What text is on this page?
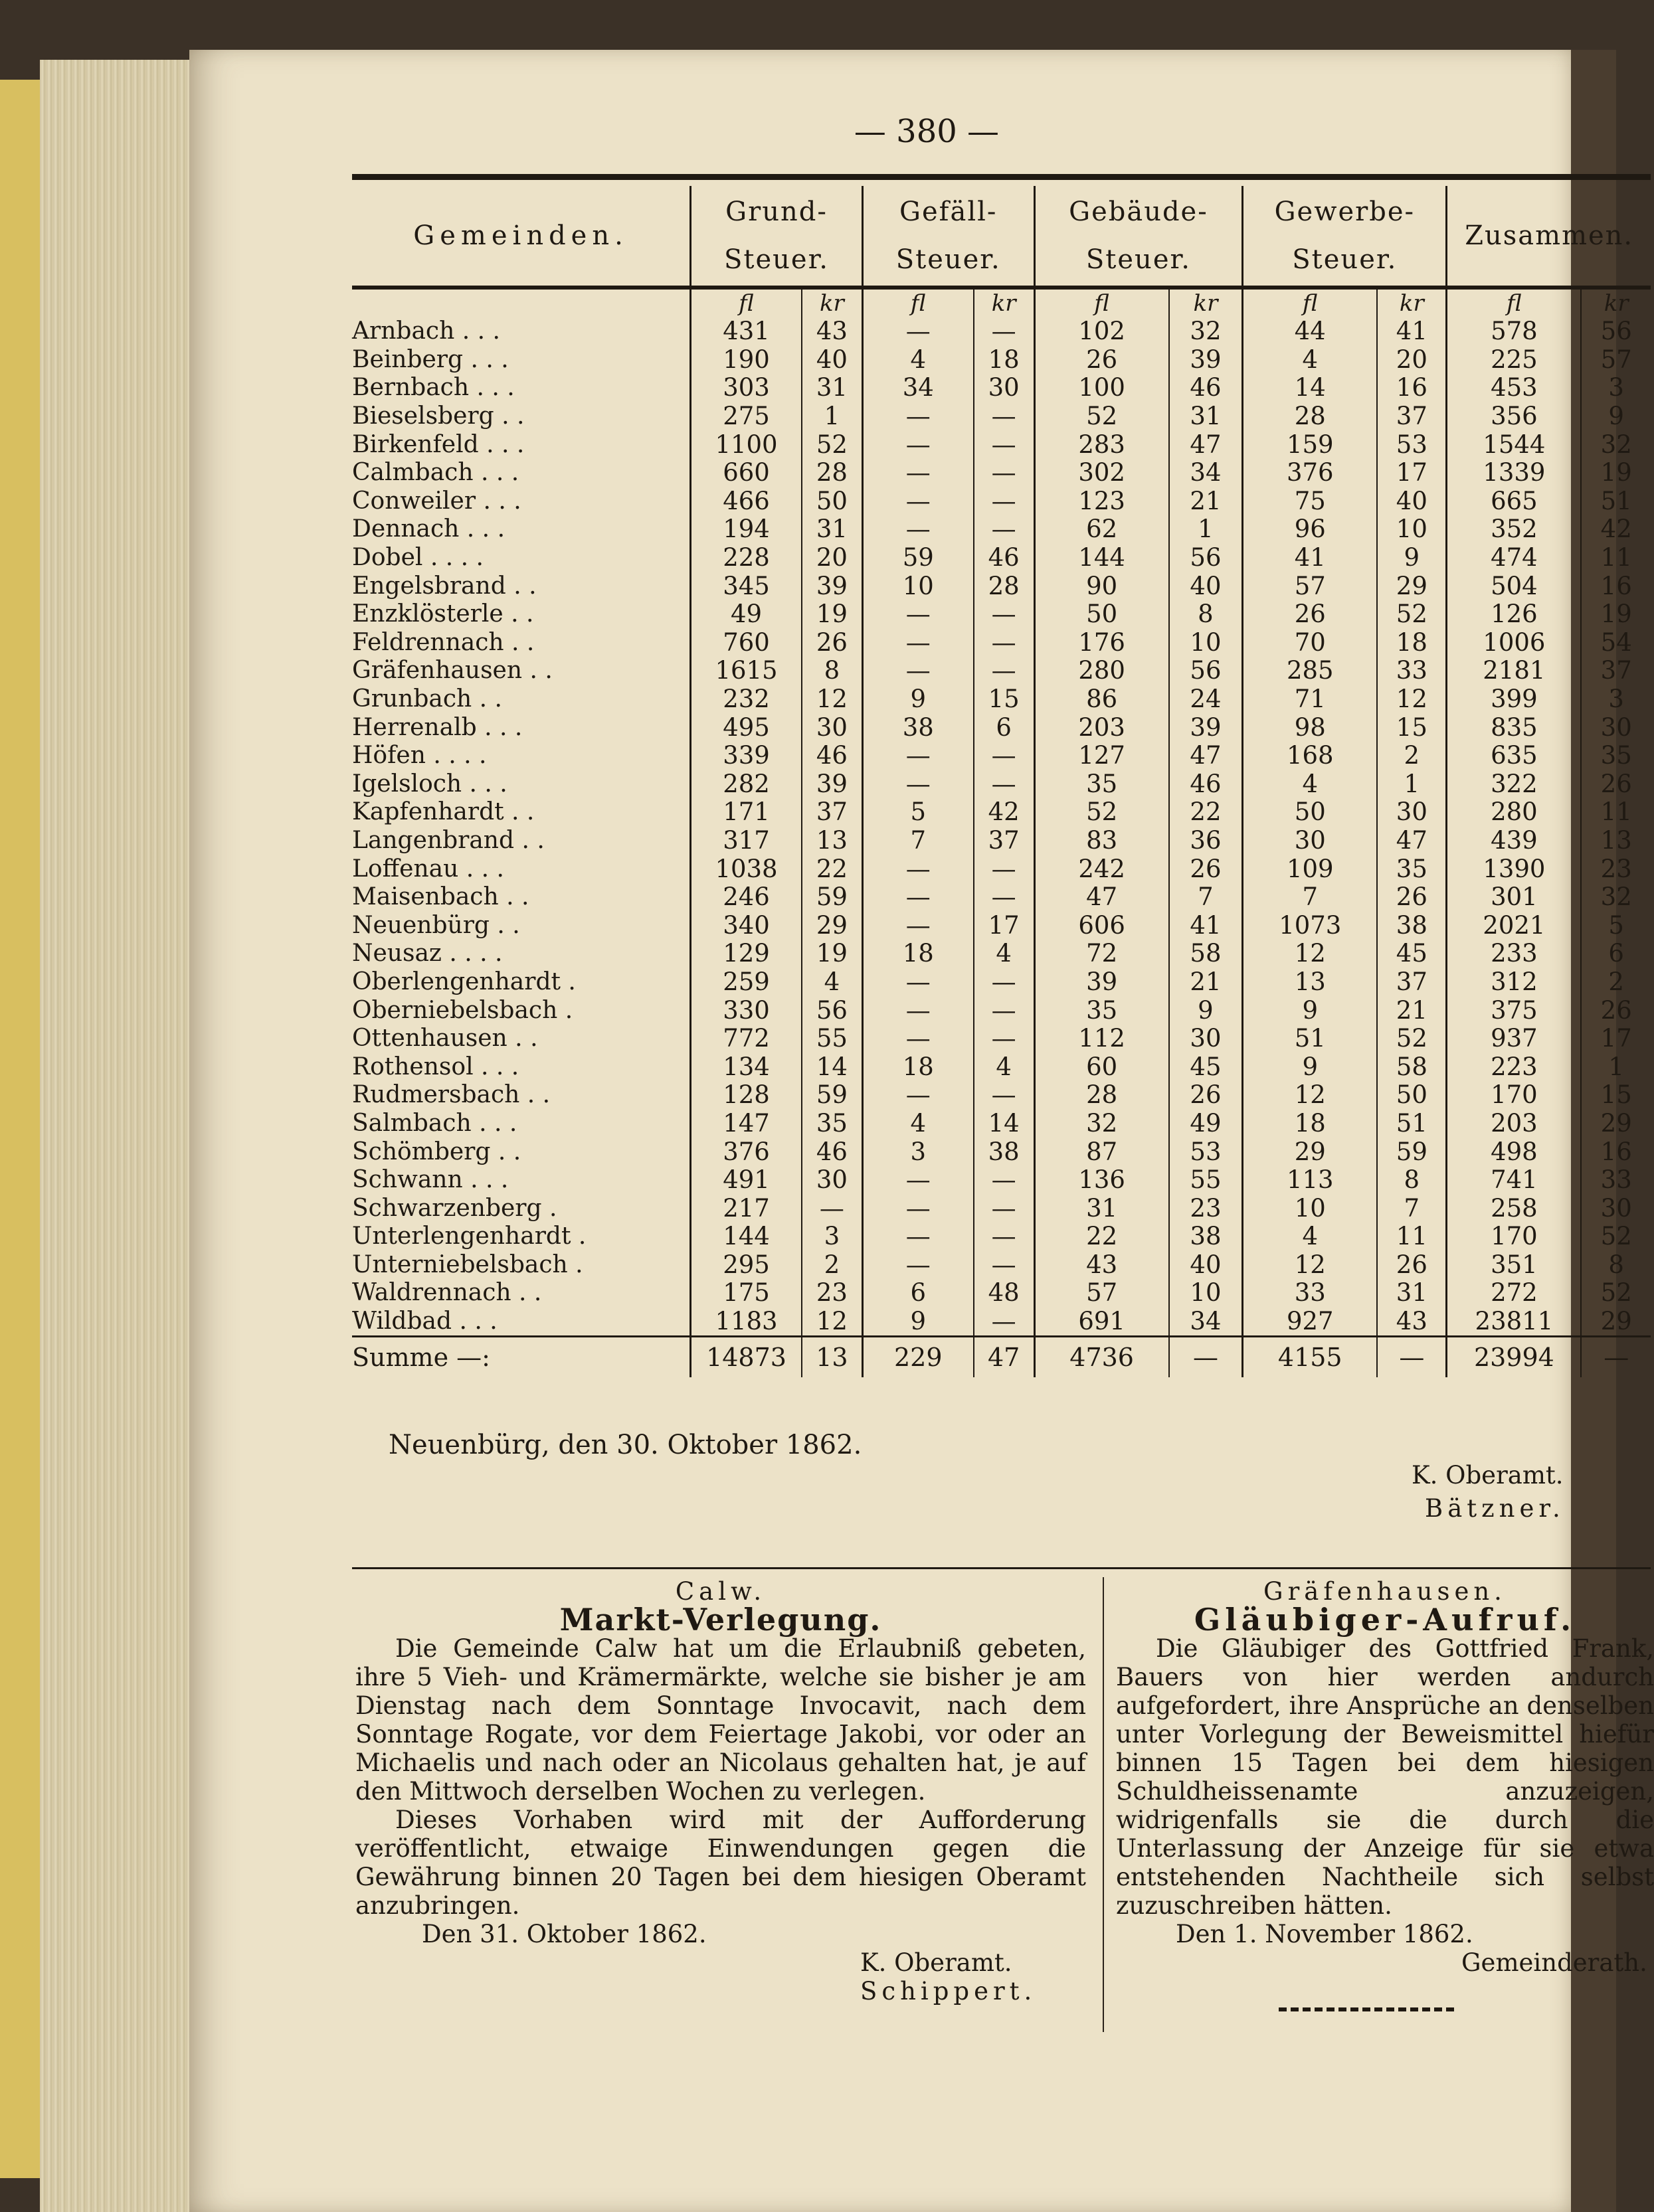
— 380 —
Gemeinden.	Grund-
Steuer.		Gefäll-
Steuer.		Gebäude-
Steuer.		Gewerbe-
Steuer.		Zusammen.	

	fl	kr	fl	kr	fl	kr	fl	kr	fl	kr
Arnbach . . .	431	43	—	—	102	32	44	41	578	56
Beinberg . . .	190	40	4	18	26	39	4	20	225	57
Bernbach . . .	303	31	34	30	100	46	14	16	453	3
Bieselsberg . .	275	1	—	—	52	31	28	37	356	9
Birkenfeld . . .	1100	52	—	—	283	47	159	53	1544	32
Calmbach . . .	660	28	—	—	302	34	376	17	1339	19
Conweiler . . .	466	50	—	—	123	21	75	40	665	51
Dennach . . .	194	31	—	—	62	1	96	10	352	42
Dobel . . . .	228	20	59	46	144	56	41	9	474	11
Engelsbrand . .	345	39	10	28	90	40	57	29	504	16
Enzklösterle . .	49	19	—	—	50	8	26	52	126	19
Feldrennach . .	760	26	—	—	176	10	70	18	1006	54
Gräfenhausen . .	1615	8	—	—	280	56	285	33	2181	37
Grunbach . .	232	12	9	15	86	24	71	12	399	3
Herrenalb . . .	495	30	38	6	203	39	98	15	835	30
Höfen . . . .	339	46	—	—	127	47	168	2	635	35
Igelsloch . . .	282	39	—	—	35	46	4	1	322	26
Kapfenhardt . .	171	37	5	42	52	22	50	30	280	11
Langenbrand . .	317	13	7	37	83	36	30	47	439	13
Loffenau . . .	1038	22	—	—	242	26	109	35	1390	23
Maisenbach . .	246	59	—	—	47	7	7	26	301	32
Neuenbürg . .	340	29	—	17	606	41	1073	38	2021	5
Neusaz . . . .	129	19	18	4	72	58	12	45	233	6
Oberlengenhardt .	259	4	—	—	39	21	13	37	312	2
Oberniebelsbach .	330	56	—	—	35	9	9	21	375	26
Ottenhausen . .	772	55	—	—	112	30	51	52	937	17
Rothensol . . .	134	14	18	4	60	45	9	58	223	1
Rudmersbach . .	128	59	—	—	28	26	12	50	170	15
Salmbach . . .	147	35	4	14	32	49	18	51	203	29
Schömberg . .	376	46	3	38	87	53	29	59	498	16
Schwann . . .	491	30	—	—	136	55	113	8	741	33
Schwarzenberg .	217	—	—	—	31	23	10	7	258	30
Unterlengenhardt .	144	3	—	—	22	38	4	11	170	52
Unterniebelsbach .	295	2	—	—	43	40	12	26	351	8
Waldrennach . .	175	23	6	48	57	10	33	31	272	52
Wildbad . . .	1183	12	9	—	691	34	927	43	23811	29
Summe —:	14873	13	229	47	4736	—	4155	—	23994	—
Neuenbürg, den 30. Oktober 1862.
K. Oberamt.
Bätzner.
Calw.
Markt-Verlegung.
Die Gemeinde Calw hat um die Erlaubniß gebeten, ihre 5 Vieh- und Krämermärkte, welche sie bisher je am Dienstag nach dem Sonntage Invocavit, nach dem Sonntage Rogate, vor dem Feiertage Jakobi, vor oder an Michaelis und nach oder an Nicolaus gehalten hat, je auf den Mittwoch derselben Wochen zu verlegen.
Dieses Vorhaben wird mit der Aufforderung veröffentlicht, etwaige Einwendungen gegen die Gewährung binnen 20 Tagen bei dem hiesigen Oberamt anzubringen.
Den 31. Oktober 1862.
K. Oberamt.
Schippert.
Gräfenhausen.
Gläubiger-Aufruf.
Die Gläubiger des Gottfried Frank, Bauers von hier werden andurch aufgefordert, ihre Ansprüche an denselben unter Vorlegung der Beweismittel hiefür binnen 15 Tagen bei dem hiesigen Schuldheissenamte anzuzeigen, widrigenfalls sie die durch die Unterlassung der Anzeige für sie etwa entstehenden Nachtheile sich selbst zuzuschreiben hätten.
Den 1. November 1862.
Gemeinderath.
